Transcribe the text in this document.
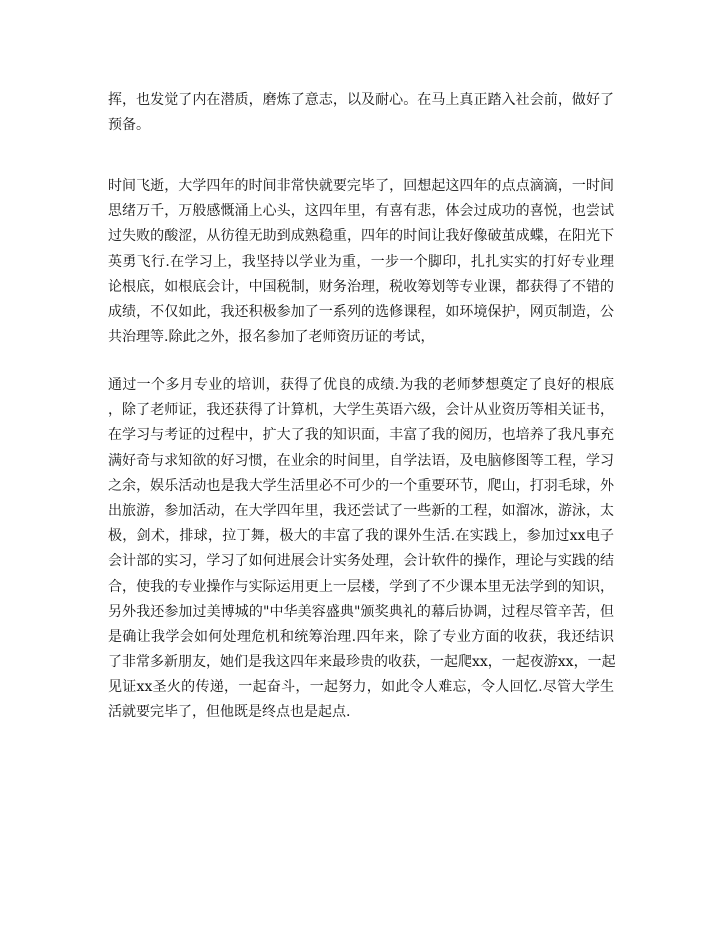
挥，也发觉了内在潜质，磨炼了意志，以及耐心。在马上真正踏入社会前，做好了
预备。
时间飞逝，大学四年的时间非常快就要完毕了，回想起这四年的点点滴滴，一时间
思绪万千，万般感慨涌上心头，这四年里，有喜有悲，体会过成功的喜悦，也尝试
过失败的酸涩，从彷徨无助到成熟稳重，四年的时间让我好像破茧成蝶，在阳光下
英勇飞行.在学习上，我坚持以学业为重，一步一个脚印，扎扎实实的打好专业理
论根底，如根底会计，中国税制，财务治理，税收筹划等专业课，都获得了不错的
成绩，不仅如此，我还积极参加了一系列的选修课程，如环境保护，网页制造，公
共治理等.除此之外，报名参加了老师资历证的考试，
通过一个多月专业的培训，获得了优良的成绩.为我的老师梦想奠定了良好的根底
，除了老师证，我还获得了计算机，大学生英语六级，会计从业资历等相关证书，
在学习与考证的过程中，扩大了我的知识面，丰富了我的阅历，也培养了我凡事充
满好奇与求知欲的好习惯，在业余的时间里，自学法语，及电脑修图等工程，学习
之余，娱乐活动也是我大学生活里必不可少的一个重要环节，爬山，打羽毛球，外
出旅游，参加活动，在大学四年里，我还尝试了一些新的工程，如溜冰，游泳，太
极，剑术，排球，拉丁舞，极大的丰富了我的课外生活.在实践上，参加过xx电子
会计部的实习，学习了如何进展会计实务处理，会计软件的操作，理论与实践的结
合，使我的专业操作与实际运用更上一层楼，学到了不少课本里无法学到的知识，
另外我还参加过美博城的"中华美容盛典"颁奖典礼的幕后协调，过程尽管辛苦，但
是确让我学会如何处理危机和统筹治理.四年来，除了专业方面的收获，我还结识
了非常多新朋友，她们是我这四年来最珍贵的收获，一起爬xx，一起夜游xx，一起
见证xx圣火的传递，一起奋斗，一起努力，如此令人难忘，令人回忆.尽管大学生
活就要完毕了，但他既是终点也是起点.
